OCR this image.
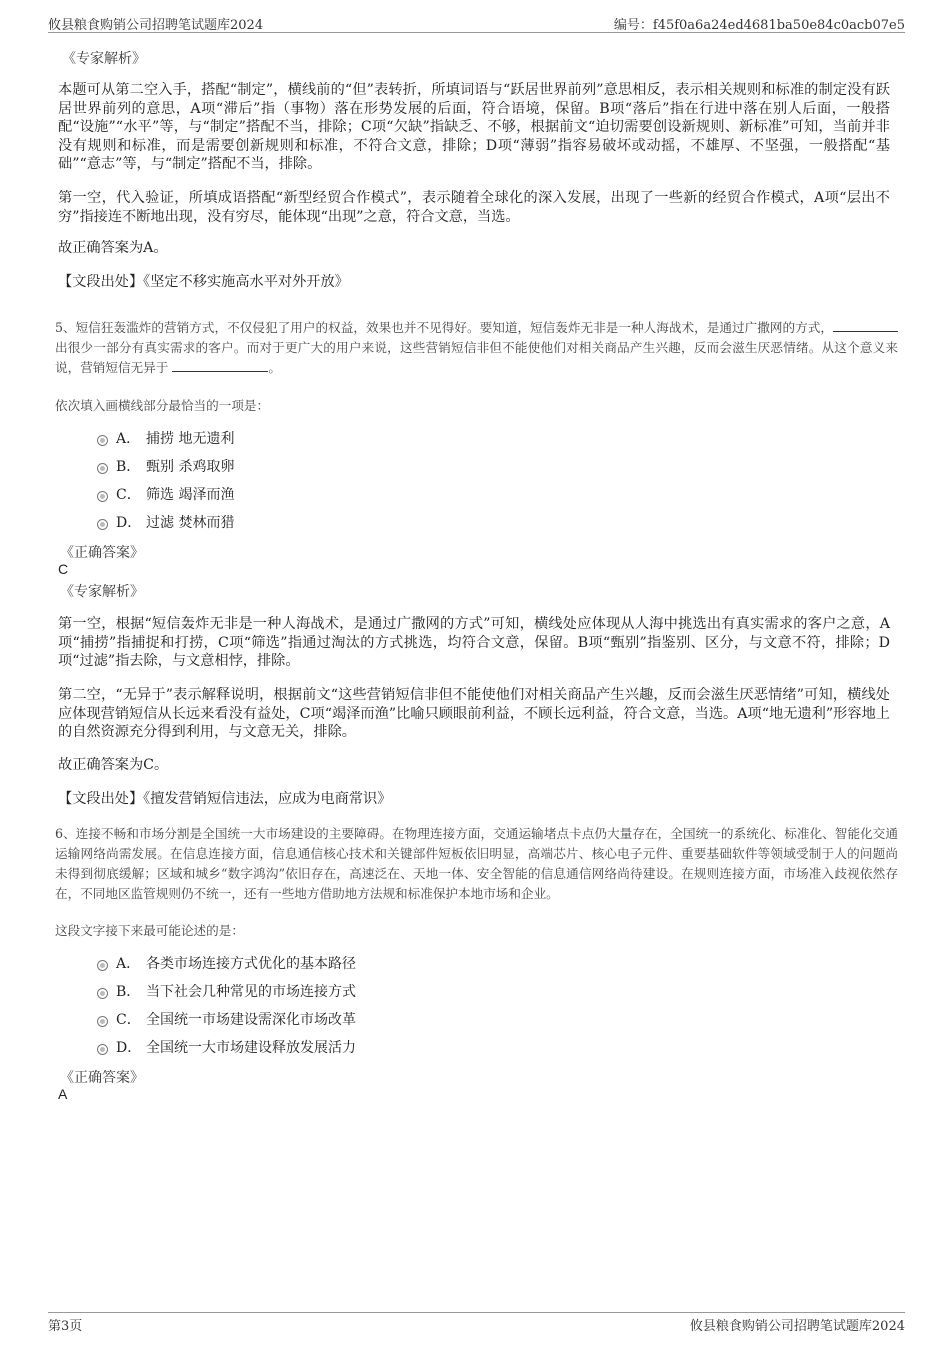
攸县粮食购销公司招聘笔试题库2024	编号：f45f0a6a24ed4681ba50e84c0acb07e5
《专家解析》
本题可从第二空入手，搭配“制定”，横线前的“但”表转折，所填词语与“跃居世界前列”意思相反，表示相关规则和标准的制定没有跃居世界前列的意思，A项“滞后”指（事物）落在形势发展的后面，符合语境，保留。B项“落后”指在行进中落在别人后面，一般搭配“设施”“水平”等，与“制定”搭配不当，排除；C项“欠缺”指缺乏、不够，根据前文“迫切需要创设新规则、新标准”可知，当前并非没有规则和标准，而是需要创新规则和标准，不符合文意，排除；D项“薄弱”指容易破坏或动摇，不雄厚、不坚强，一般搭配“基础”“意志”等，与“制定”搭配不当，排除。
第一空，代入验证，所填成语搭配“新型经贸合作模式”，表示随着全球化的深入发展，出现了一些新的经贸合作模式，A项“层出不穷”指接连不断地出现，没有穷尽，能体现“出现”之意，符合文意，当选。
故正确答案为A。
【文段出处】《坚定不移实施高水平对外开放》
5、短信狂轰滥炸的营销方式，不仅侵犯了用户的权益，效果也并不见得好。要知道，短信轰炸无非是一种人海战术，是通过广撒网的方式，出很少一部分有真实需求的客户。而对于更广大的用户来说，这些营销短信非但不能使他们对相关商品产生兴趣，反而会滋生厌恶情绪。从这个意义来说，营销短信无异于	。
依次填入画横线部分最恰当的一项是：
A． 捕捞 地无遗利
B． 甄别 杀鸡取卵
C． 筛选 竭泽而渔
D． 过滤 焚林而猎
《正确答案》
C
《专家解析》
第一空，根据“短信轰炸无非是一种人海战术，是通过广撒网的方式”可知，横线处应体现从人海中挑选出有真实需求的客户之意，A项“捕捞”指捕捉和打捞，C项“筛选”指通过淘汰的方式挑选，均符合文意，保留。B项“甄别”指鉴别、区分，与文意不符，排除；D项“过滤”指去除，与文意相悖，排除。
第二空，“无异于”表示解释说明，根据前文“这些营销短信非但不能使他们对相关商品产生兴趣，反而会滋生厌恶情绪”可知，横线处应体现营销短信从长远来看没有益处，C项“竭泽而渔”比喻只顾眼前利益，不顾长远利益，符合文意，当选。A项“地无遗利”形容地上的自然资源充分得到利用，与文意无关，排除。
故正确答案为C。
【文段出处】《擅发营销短信违法，应成为电商常识》
6、连接不畅和市场分割是全国统一大市场建设的主要障碍。在物理连接方面，交通运输堵点卡点仍大量存在，全国统一的系统化、标准化、智能化交通运输网络尚需发展。在信息连接方面，信息通信核心技术和关键部件短板依旧明显，高端芯片、核心电子元件、重要基础软件等领域受制于人的问题尚未得到彻底缓解；区域和城乡“数字鸿沟”依旧存在，高速泛在、天地一体、安全智能的信息通信网络尚待建设。在规则连接方面，市场准入歧视依然存在，不同地区监管规则仍不统一，还有一些地方借助地方法规和标准保护本地市场和企业。
这段文字接下来最可能论述的是：
A． 各类市场连接方式优化的基本路径
B． 当下社会几种常见的市场连接方式
C． 全国统一市场建设需深化市场改革
D． 全国统一大市场建设释放发展活力
《正确答案》
A
第3页	攸县粮食购销公司招聘笔试题库2024
